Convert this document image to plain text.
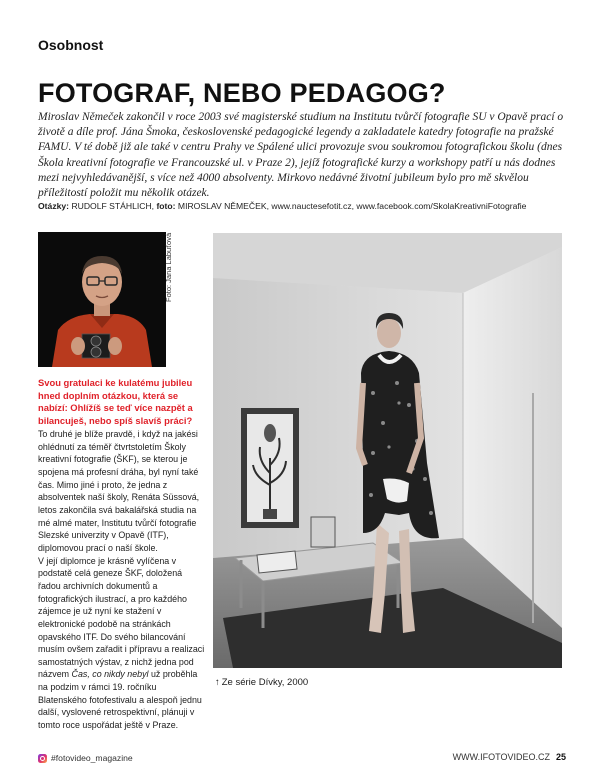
Osobnost
FOTOGRAF, NEBO PEDAGOG?
Miroslav Němeček zakončil v roce 2003 své magisterské studium na Institutu tvůrčí fotografie SU v Opavě prací o životě a díle prof. Jána Šmoka, československé pedagogické legendy a zakladatele katedry fotografie na pražské FAMU. V té době již ale také v centru Prahy ve Spálené ulici provozuje svou soukromou fotografickou školu (dnes Škola kreativní fotografie ve Francouzské ul. v Praze 2), jejíž fotografické kurzy a workshopy patří u nás dodnes mezi nejvyhledávanější, s více než 4000 absolventy. Mirkovo nedávné životní jubileum bylo pro mě skvělou příležitostí položit mu několik otázek.
Otázky: RUDOLF STÁHLICH, foto: MIROSLAV NĚMEČEK, www.nauctesefotit.cz, www.facebook.com/SkolaKreativniFotografie
Foto: Jana Labuťová
Svou gratulaci ke kulatému jubileu hned doplním otázkou, která se nabízí: Ohlížíš se teď více nazpět a bilancuješ, nebo spíš slavíš práci?

To druhé je blíže pravdě, i když na jakési ohlédnutí za téměř čtvrtstoletím Školy kreativní fotografie (ŠKF), se kterou je spojena má profesní dráha, byl nyní také čas. Mimo jiné i proto, že jedna z absolventek naší školy, Renáta Süssová, letos zakončila svá bakalářská studia na mé almé mater, Institutu tvůrčí fotografie Slezské univerzity v Opavě (ITF), diplomovou prací o naší škole.

V její diplomce je krásně vylíčena v podstatě celá geneze ŠKF, doložená řadou archivních dokumentů a fotografických ilustrací, a pro každého zájemce je už nyní ke stažení v elektronické podobě na stránkách opavského ITF. Do svého bilancování musím ovšem zařadit i přípravu a realizaci samostatných výstav, z nichž jedna pod názvem Čas, co nikdy nebyl už proběhla na podzim v rámci 19. ročníku Blatenského fotofestivalu a alespoň jednu další, vyslovené retrospektivní, plánuji v tomto roce uspořádat ještě v Praze.

↑ Ze série Dívky, 2000
#fotovideo_magazine	WWW.IFOTOVIDEO.CZ 25
